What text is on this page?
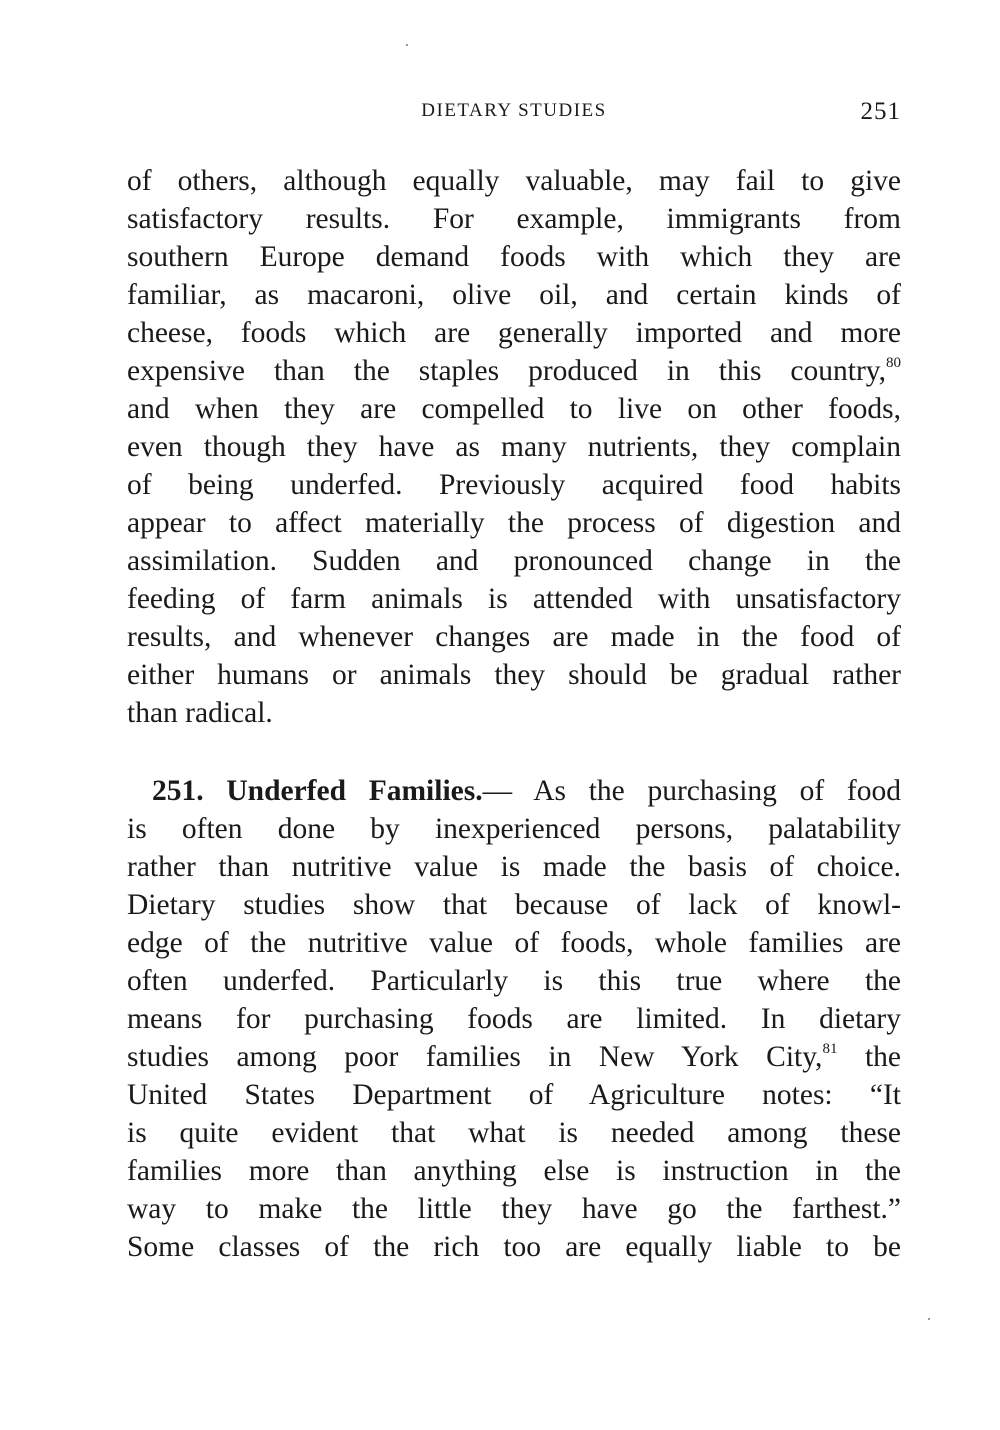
DIETARY STUDIES	251
of others, although equally valuable, may fail to give
satisfactory results. For example, immigrants from
southern Europe demand foods with which they are
familiar, as macaroni, olive oil, and certain kinds of
cheese, foods which are generally imported and more
expensive than the staples produced in this country,$^{80}$
and when they are compelled to live on other foods,
even though they have as many nutrients, they complain
of being underfed. Previously acquired food habits
appear to affect materially the process of digestion and
assimilation. Sudden and pronounced change in the
feeding of farm animals is attended with unsatisfactory
results, and whenever changes are made in the food of
either humans or animals they should be gradual rather
than radical.
251. Underfed Families.— As the purchasing of food
is often done by inexperienced persons, palatability
rather than nutritive value is made the basis of choice.
Dietary studies show that because of lack of knowl-
edge of the nutritive value of foods, whole families are
often underfed. Particularly is this true where the
means for purchasing foods are limited. In dietary
studies among poor families in New York City,$^{81}$ the
United States Department of Agriculture notes: “It
is quite evident that what is needed among these
families more than anything else is instruction in the
way to make the little they have go the farthest.”
Some classes of the rich too are equally liable to be
